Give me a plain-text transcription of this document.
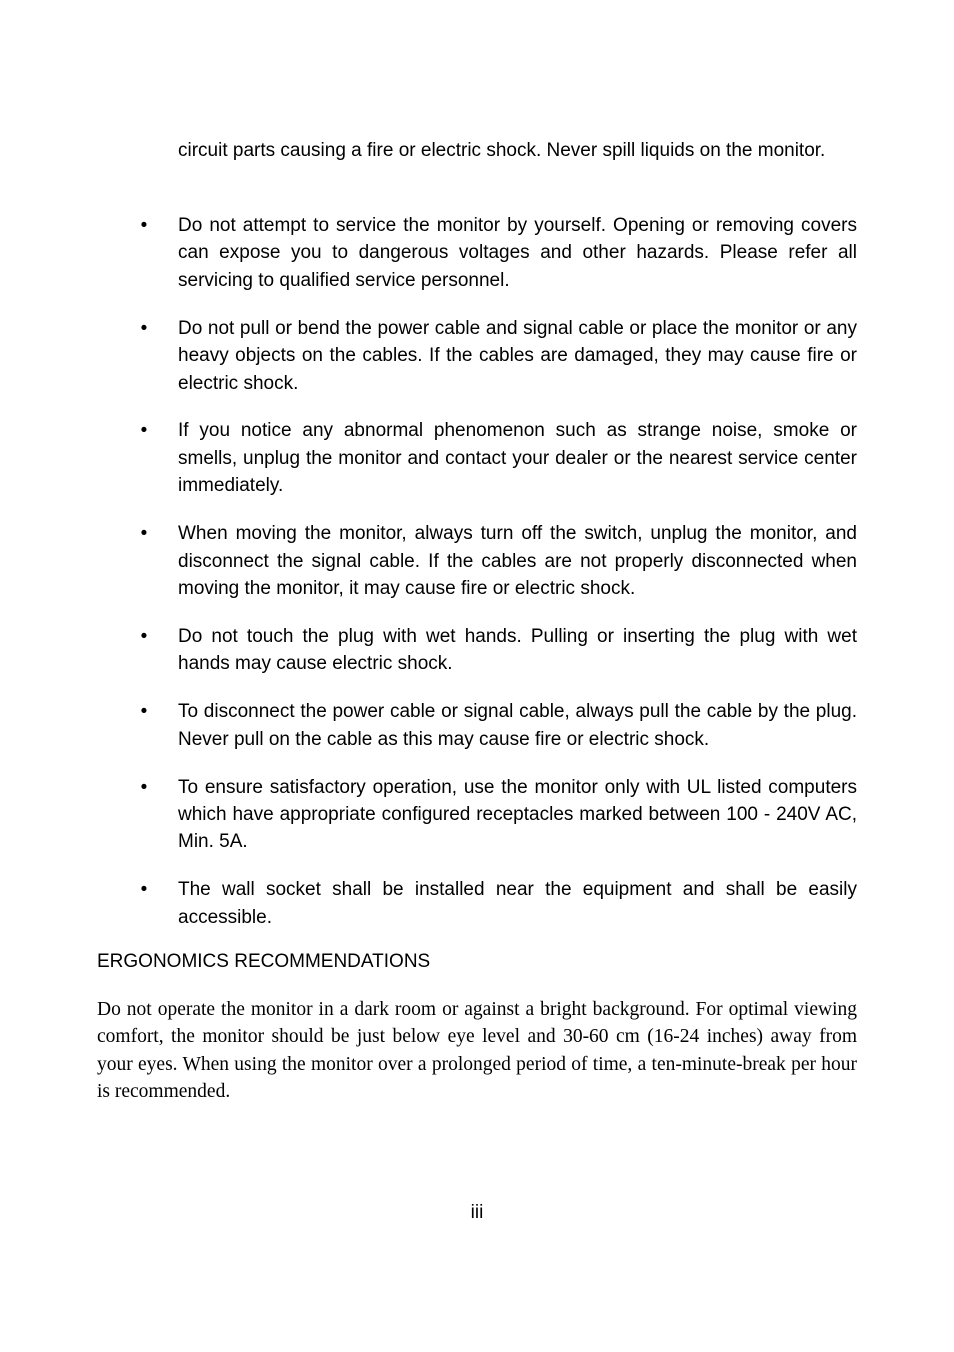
circuit parts causing a fire or electric shock. Never spill liquids on the monitor.

• Do not attempt to service the monitor by yourself. Opening or removing covers can expose you to dangerous voltages and other hazards. Please refer all servicing to qualified service personnel.
• Do not pull or bend the power cable and signal cable or place the monitor or any heavy objects on the cables. If the cables are damaged, they may cause fire or electric shock.
• If you notice any abnormal phenomenon such as strange noise, smoke or smells, unplug the monitor and contact your dealer or the nearest service center immediately.
• When moving the monitor, always turn off the switch, unplug the monitor, and disconnect the signal cable. If the cables are not properly disconnected when moving the monitor, it may cause fire or electric shock.
• Do not touch the plug with wet hands. Pulling or inserting the plug with wet hands may cause electric shock.
• To disconnect the power cable or signal cable, always pull the cable by the plug. Never pull on the cable as this may cause fire or electric shock.
• To ensure satisfactory operation, use the monitor only with UL listed computers which have appropriate configured receptacles marked between 100 - 240V AC, Min. 5A.
• The wall socket shall be installed near the equipment and shall be easily accessible.
ERGONOMICS RECOMMENDATIONS

Do not operate the monitor in a dark room or against a bright background. For optimal viewing comfort, the monitor should be just below eye level and 30-60 cm (16-24 inches) away from your eyes. When using the monitor over a prolonged period of time, a ten-minute-break per hour is recommended.

iii
